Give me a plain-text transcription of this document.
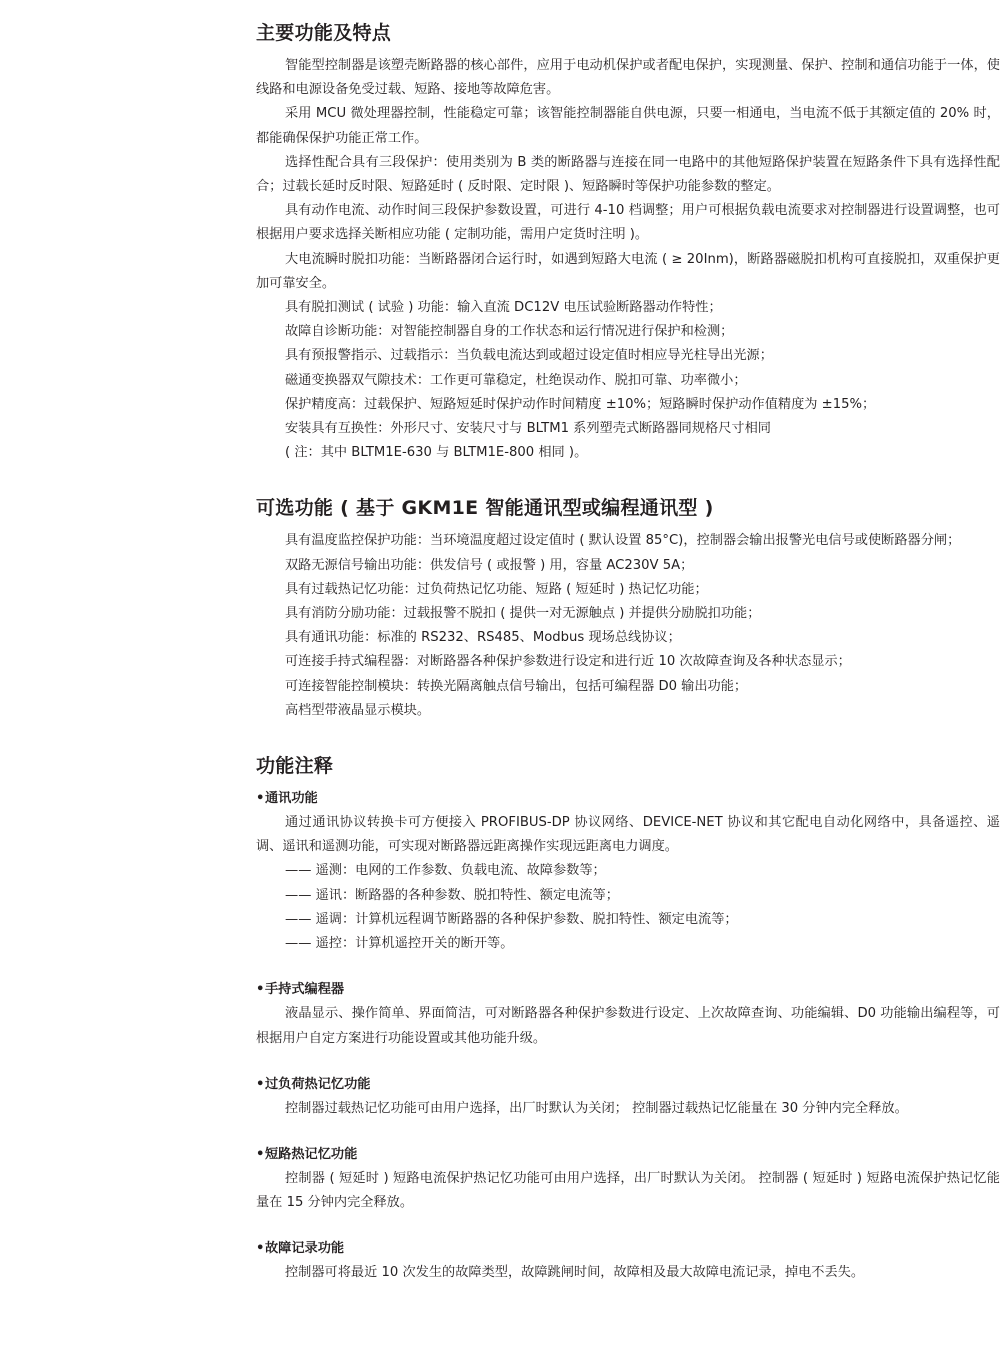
主要功能及特点

智能型控制器是该塑壳断路器的核心部件，应用于电动机保护或者配电保护，实现测量、保护、控制和通信功能于一体，使线路和电源设备免受过载、短路、接地等故障危害。

采用 MCU 微处理器控制，性能稳定可靠；该智能控制器能自供电源，只要一相通电，当电流不低于其额定值的 20% 时，都能确保保护功能正常工作。

选择性配合具有三段保护：使用类别为 B 类的断路器与连接在同一电路中的其他短路保护装置在短路条件下具有选择性配合；过载长延时反时限、短路延时 ( 反时限、定时限 )、短路瞬时等保护功能参数的整定。

具有动作电流、动作时间三段保护参数设置，可进行 4-10 档调整；用户可根据负载电流要求对控制器进行设置调整，也可根据用户要求选择关断相应功能 ( 定制功能，需用户定货时注明 )。

大电流瞬时脱扣功能：当断路器闭合运行时，如遇到短路大电流 ( ≥ 20Inm)，断路器磁脱扣机构可直接脱扣，双重保护更加可靠安全。

具有脱扣测试 ( 试验 ) 功能：输入直流 DC12V 电压试验断路器动作特性；

故障自诊断功能：对智能控制器自身的工作状态和运行情况进行保护和检测；

具有预报警指示、过载指示：当负载电流达到或超过设定值时相应导光柱导出光源；

磁通变换器双气隙技术：工作更可靠稳定，杜绝误动作、脱扣可靠、功率微小；

保护精度高：过载保护、短路短延时保护动作时间精度 ±10%；短路瞬时保护动作值精度为 ±15%；

安装具有互换性：外形尺寸、安装尺寸与 BLTM1 系列塑壳式断路器同规格尺寸相同

( 注：其中 BLTM1E-630 与 BLTM1E-800 相同 )。

可选功能 ( 基于 GKM1E 智能通讯型或编程通讯型 )

具有温度监控保护功能：当环境温度超过设定值时 ( 默认设置 85°C)，控制器会输出报警光电信号或使断路器分闸；

双路无源信号输出功能：供发信号 ( 或报警 ) 用，容量 AC230V 5A；

具有过载热记忆功能：过负荷热记忆功能、短路 ( 短延时 ) 热记忆功能；

具有消防分励功能：过载报警不脱扣 ( 提供一对无源触点 ) 并提供分励脱扣功能；

具有通讯功能：标准的 RS232、RS485、Modbus 现场总线协议；

可连接手持式编程器：对断路器各种保护参数进行设定和进行近 10 次故障查询及各种状态显示；

可连接智能控制模块：转换光隔离触点信号输出，包括可编程器 D0 输出功能；

高档型带液晶显示模块。

功能注释
•通讯功能

通过通讯协议转换卡可方便接入 PROFIBUS-DP 协议网络、DEVICE-NET 协议和其它配电自动化网络中，具备遥控、遥调、遥讯和遥测功能，可实现对断路器远距离操作实现远距离电力调度。

—— 遥测：电网的工作参数、负载电流、故障参数等；

—— 遥讯：断路器的各种参数、脱扣特性、额定电流等；

—— 遥调：计算机远程调节断路器的各种保护参数、脱扣特性、额定电流等；

—— 遥控：计算机遥控开关的断开等。

•手持式编程器

液晶显示、操作简单、界面简洁，可对断路器各种保护参数进行设定、上次故障查询、功能编辑、D0 功能输出编程等，可根据用户自定方案进行功能设置或其他功能升级。

•过负荷热记忆功能

控制器过载热记忆功能可由用户选择，出厂时默认为关闭； 控制器过载热记忆能量在 30 分钟内完全释放。

•短路热记忆功能

控制器 ( 短延时 ) 短路电流保护热记忆功能可由用户选择，出厂时默认为关闭。 控制器 ( 短延时 ) 短路电流保护热记忆能量在 15 分钟内完全释放。

•故障记录功能

控制器可将最近 10 次发生的故障类型，故障跳闸时间，故障相及最大故障电流记录，掉电不丢失。
